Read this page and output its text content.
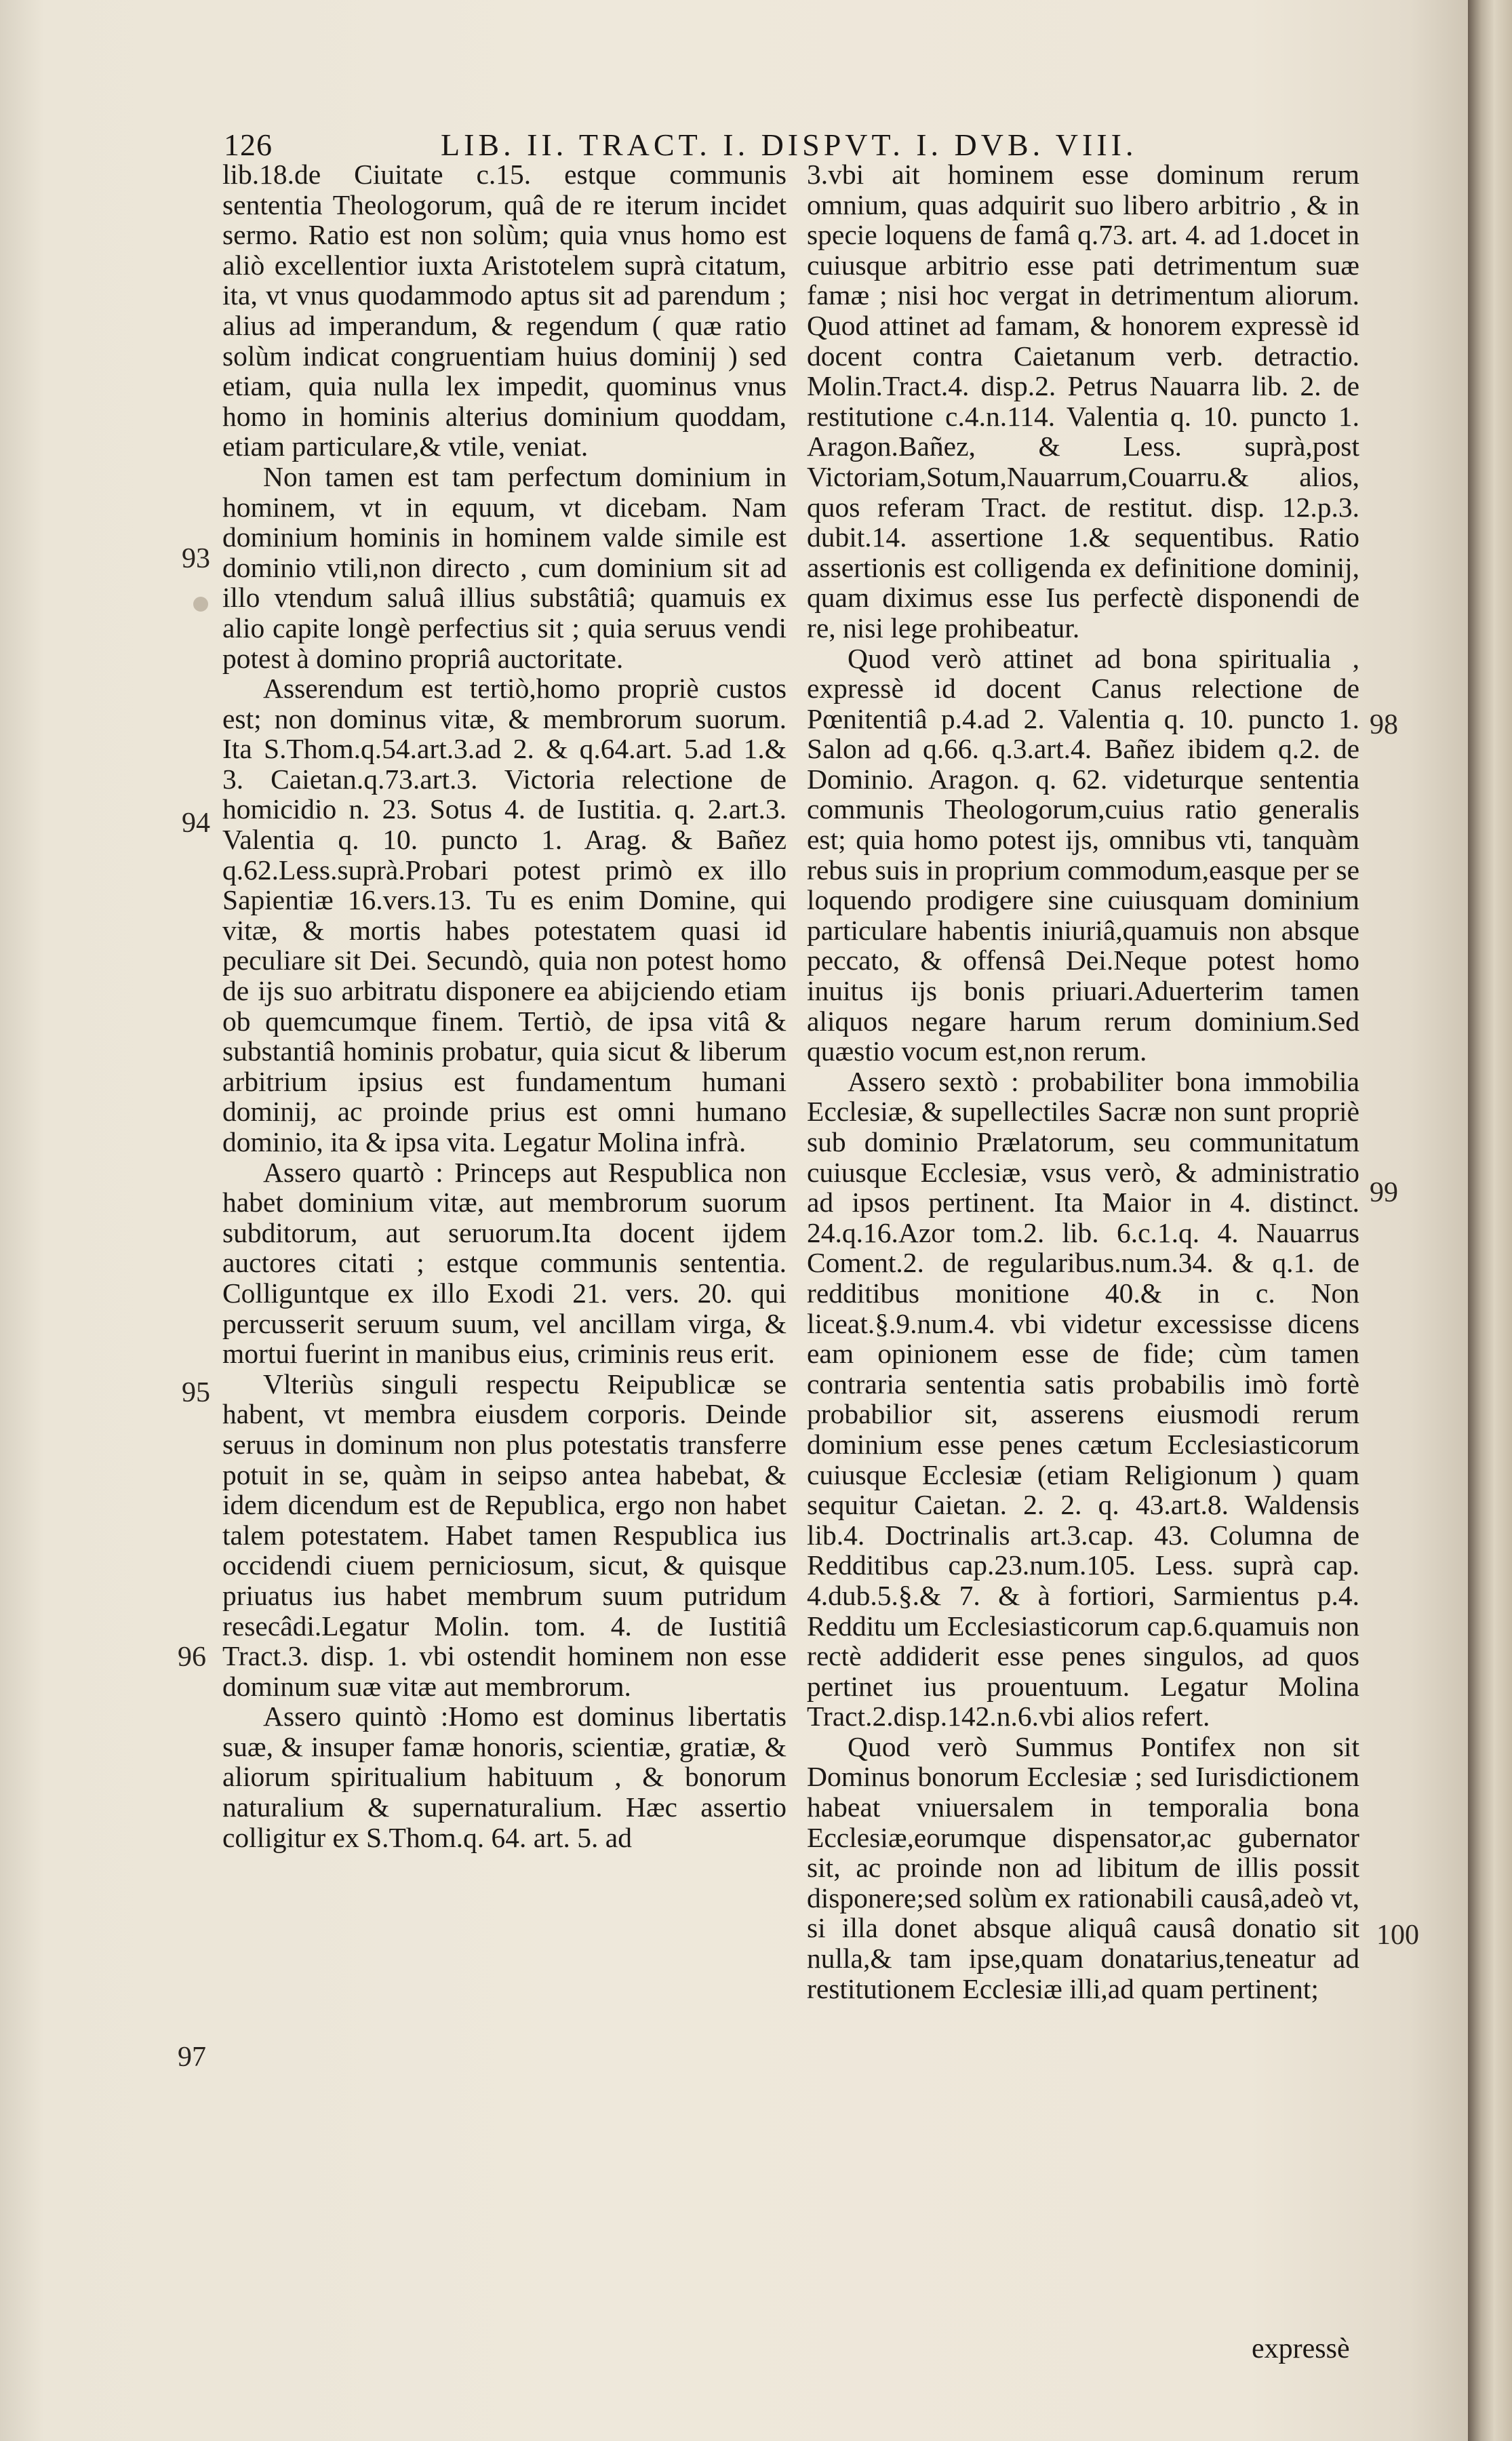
126	LIB. II. TRACT. I. DISPVT. I. DVB. VIII.
93
94
95
96
97
98
99
100

lib.18.de Ciuitate c.15. estque communis sententia Theologorum, quâ de re iterum incidet sermo. Ratio est non solùm; quia vnus homo est aliò excellentior iuxta Aristotelem suprà citatum, ita, vt vnus quodammodo aptus sit ad parendum ; alius ad imperandum, & regendum ( quæ ratio solùm indicat congruentiam huius dominij ) sed etiam, quia nulla lex impedit, quominus vnus homo in hominis alterius dominium quoddam, etiam particulare,& vtile, veniat.

Non tamen est tam perfectum dominium in hominem, vt in equum, vt dicebam. Nam dominium hominis in hominem valde simile est dominio vtili,non directo , cum dominium sit ad illo vtendum saluâ illius substâtiâ; quamuis ex alio capite longè perfectius sit ; quia seruus vendi potest à domino propriâ auctoritate.

Asserendum est tertiò,homo propriè custos est; non dominus vitæ, & membrorum suorum. Ita S.Thom.q.54.art.3.ad 2. & q.64.art. 5.ad 1.& 3. Caietan.q.73.art.3. Victoria relectione de homicidio n. 23. Sotus 4. de Iustitia. q. 2.art.3. Valentia q. 10. puncto 1. Arag. & Bañez q.62.Less.suprà.Probari potest primò ex illo Sapientiæ 16.vers.13. Tu es enim Domine, qui vitæ, & mortis habes potestatem quasi id peculiare sit Dei. Secundò, quia non potest homo de ijs suo arbitratu disponere ea abijciendo etiam ob quemcumque finem. Tertiò, de ipsa vitâ & substantiâ hominis probatur, quia sicut & liberum arbitrium ipsius est fundamentum humani dominij, ac proinde prius est omni humano dominio, ita & ipsa vita. Legatur Molina infrà.

Assero quartò : Princeps aut Respublica non habet dominium vitæ, aut membrorum suorum subditorum, aut seruorum.Ita docent ijdem auctores citati ; estque communis sententia. Colliguntque ex illo Exodi 21. vers. 20. qui percusserit seruum suum, vel ancillam virga, & mortui fuerint in manibus eius, criminis reus erit.

Vlteriùs singuli respectu Reipublicæ se habent, vt membra eiusdem corporis. Deinde seruus in dominum non plus potestatis transferre potuit in se, quàm in seipso antea habebat, & idem dicendum est de Republica, ergo non habet talem potestatem. Habet tamen Respublica ius occidendi ciuem perniciosum, sicut, & quisque priuatus ius habet membrum suum putridum resecâdi.Legatur Molin. tom. 4. de Iustitiâ Tract.3. disp. 1. vbi ostendit hominem non esse dominum suæ vitæ aut membrorum.

Assero quintò :Homo est dominus libertatis suæ, & insuper famæ honoris, scientiæ, gratiæ, & aliorum spiritualium habituum , & bonorum naturalium & supernaturalium. Hæc assertio colligitur ex S.Thom.q. 64. art. 5. ad

3.vbi ait hominem esse dominum rerum omnium, quas adquirit suo libero arbitrio , & in specie loquens de famâ q.73. art. 4. ad 1.docet in cuiusque arbitrio esse pati detrimentum suæ famæ ; nisi hoc vergat in detrimentum aliorum. Quod attinet ad famam, & honorem expressè id docent contra Caietanum verb. detractio. Molin.Tract.4. disp.2. Petrus Nauarra lib. 2. de restitutione c.4.n.114. Valentia q. 10. puncto 1. Aragon.Bañez, & Less. suprà,post Victoriam,Sotum,Nauarrum,Couarru.& alios, quos referam Tract. de restitut. disp. 12.p.3. dubit.14. assertione 1.& sequentibus. Ratio assertionis est colligenda ex definitione dominij, quam diximus esse Ius perfectè disponendi de re, nisi lege prohibeatur.

Quod verò attinet ad bona spiritualia , expressè id docent Canus relectione de Pœnitentiâ p.4.ad 2. Valentia q. 10. puncto 1. Salon ad q.66. q.3.art.4. Bañez ibidem q.2. de Dominio. Aragon. q. 62. videturque sententia communis Theologorum,cuius ratio generalis est; quia homo potest ijs, omnibus vti, tanquàm rebus suis in proprium commodum,easque per se loquendo prodigere sine cuiusquam dominium particulare habentis iniuriâ,quamuis non absque peccato, & offensâ Dei.Neque potest homo inuitus ijs bonis priuari.Aduerterim tamen aliquos negare harum rerum dominium.Sed quæstio vocum est,non rerum.

Assero sextò : probabiliter bona immobilia Ecclesiæ, & supellectiles Sacræ non sunt propriè sub dominio Prælatorum, seu communitatum cuiusque Ecclesiæ, vsus verò, & administratio ad ipsos pertinent. Ita Maior in 4. distinct. 24.q.16.Azor tom.2. lib. 6.c.1.q. 4. Nauarrus Coment.2. de regularibus.num.34. & q.1. de redditibus monitione 40.& in c. Non liceat.§.9.num.4. vbi videtur excessisse dicens eam opinionem esse de fide; cùm tamen contraria sententia satis probabilis imò fortè probabilior sit, asserens eiusmodi rerum dominium esse penes cætum Ecclesiasticorum cuiusque Ecclesiæ (etiam Religionum ) quam sequitur Caietan. 2. 2. q. 43.art.8. Waldensis lib.4. Doctrinalis art.3.cap. 43. Columna de Redditibus cap.23.num.105. Less. suprà cap. 4.dub.5.§.& 7. & à fortiori, Sarmientus p.4. Redditu um Ecclesiasticorum cap.6.quamuis non rectè addiderit esse penes singulos, ad quos pertinet ius prouentuum. Legatur Molina Tract.2.disp.142.n.6.vbi alios refert.

Quod verò Summus Pontifex non sit Dominus bonorum Ecclesiæ ; sed Iurisdictionem habeat vniuersalem in temporalia bona Ecclesiæ,eorumque dispensator,ac gubernator sit, ac proinde non ad libitum de illis possit disponere;sed solùm ex rationabili causâ,adeò vt, si illa donet absque aliquâ causâ donatio sit nulla,& tam ipse,quam donatarius,teneatur ad restitutionem Ecclesiæ illi,ad quam pertinent;

expressè
